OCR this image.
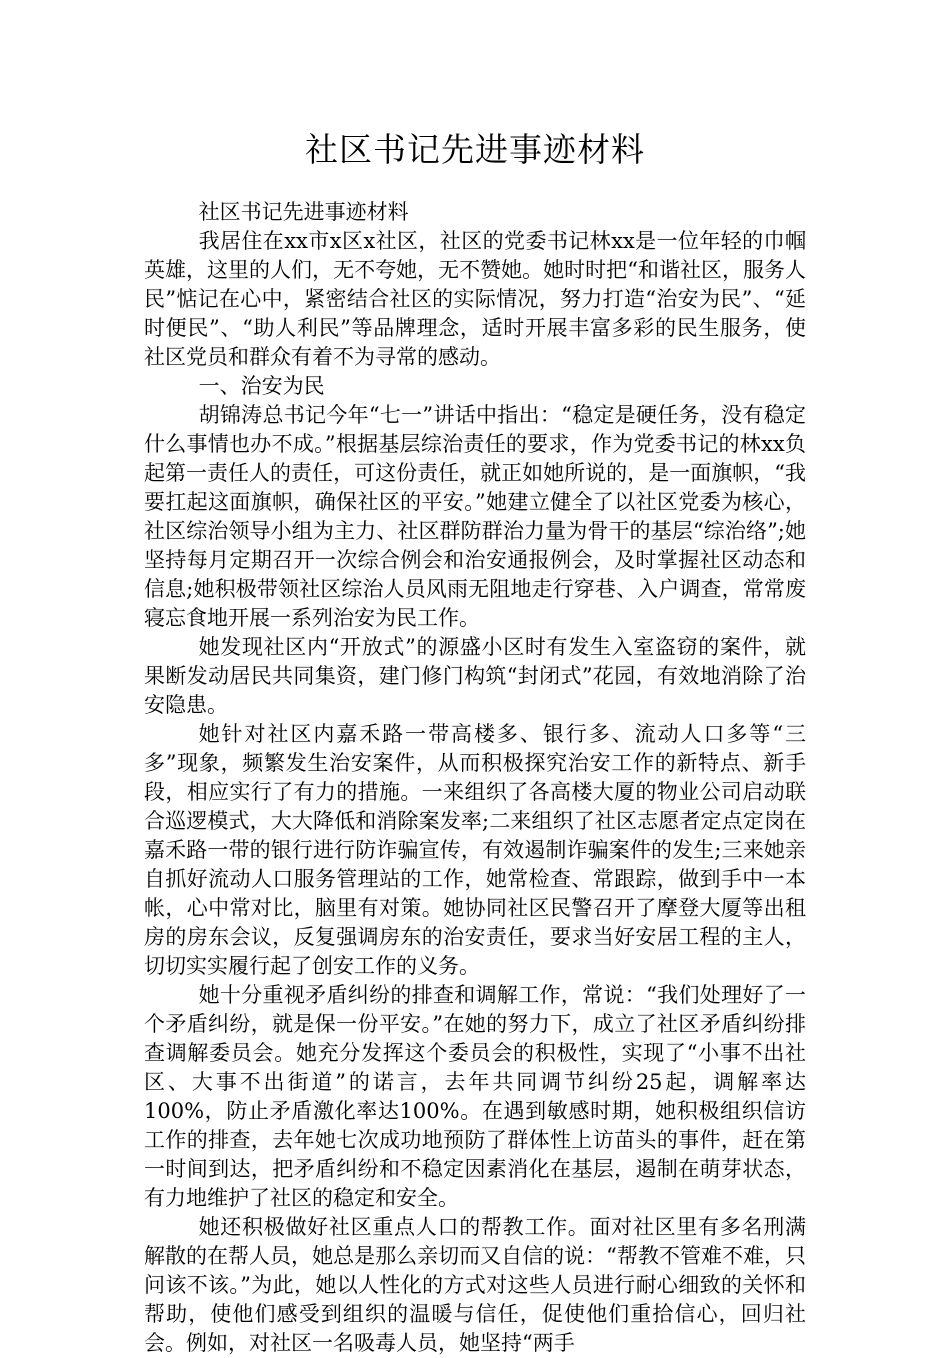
社区书记先进事迹材料

社区书记先进事迹材料

我居住在xx市x区x社区，社区的党委书记林xx是一位年轻的巾帼英雄，这里的人们，无不夸她，无不赞她。她时时把“和谐社区，服务人民”惦记在心中，紧密结合社区的实际情况，努力打造“治安为民”、“延时便民”、“助人利民”等品牌理念，适时开展丰富多彩的民生服务，使社区党员和群众有着不为寻常的感动。

一、治安为民

胡锦涛总书记今年“七一”讲话中指出：“稳定是硬任务，没有稳定什么事情也办不成。”根据基层综治责任的要求，作为党委书记的林xx负起第一责任人的责任，可这份责任，就正如她所说的，是一面旗帜，“我要扛起这面旗帜，确保社区的平安。”她建立健全了以社区党委为核心，社区综治领导小组为主力、社区群防群治力量为骨干的基层“综治络”;她坚持每月定期召开一次综合例会和治安通报例会，及时掌握社区动态和信息;她积极带领社区综治人员风雨无阻地走行穿巷、入户调查，常常废寝忘食地开展一系列治安为民工作。

她发现社区内“开放式”的源盛小区时有发生入室盗窃的案件，就果断发动居民共同集资，建门修门构筑“封闭式”花园，有效地消除了治安隐患。

她针对社区内嘉禾路一带高楼多、银行多、流动人口多等“三多”现象，频繁发生治安案件，从而积极探究治安工作的新特点、新手段，相应实行了有力的措施。一来组织了各高楼大厦的物业公司启动联合巡逻模式，大大降低和消除案发率;二来组织了社区志愿者定点定岗在嘉禾路一带的银行进行防诈骗宣传，有效遏制诈骗案件的发生;三来她亲自抓好流动人口服务管理站的工作，她常检查、常跟踪，做到手中一本帐，心中常对比，脑里有对策。她协同社区民警召开了摩登大厦等出租房的房东会议，反复强调房东的治安责任，要求当好安居工程的主人，切切实实履行起了创安工作的义务。

她十分重视矛盾纠纷的排查和调解工作，常说：“我们处理好了一个矛盾纠纷，就是保一份平安。”在她的努力下，成立了社区矛盾纠纷排查调解委员会。她充分发挥这个委员会的积极性，实现了“小事不出社区、大事不出街道”的诺言，去年共同调节纠纷25起，调解率达100%，防止矛盾激化率达100%。在遇到敏感时期，她积极组织信访工作的排查，去年她七次成功地预防了群体性上访苗头的事件，赶在第一时间到达，把矛盾纠纷和不稳定因素消化在基层，遏制在萌芽状态，有力地维护了社区的稳定和安全。

她还积极做好社区重点人口的帮教工作。面对社区里有多名刑满解散的在帮人员，她总是那么亲切而又自信的说：“帮教不管难不难，只问该不该。”为此，她以人性化的方式对这些人员进行耐心细致的关怀和帮助，使他们感受到组织的温暖与信任，促使他们重拾信心，回归社会。例如，对社区一名吸毒人员，她坚持“两手
